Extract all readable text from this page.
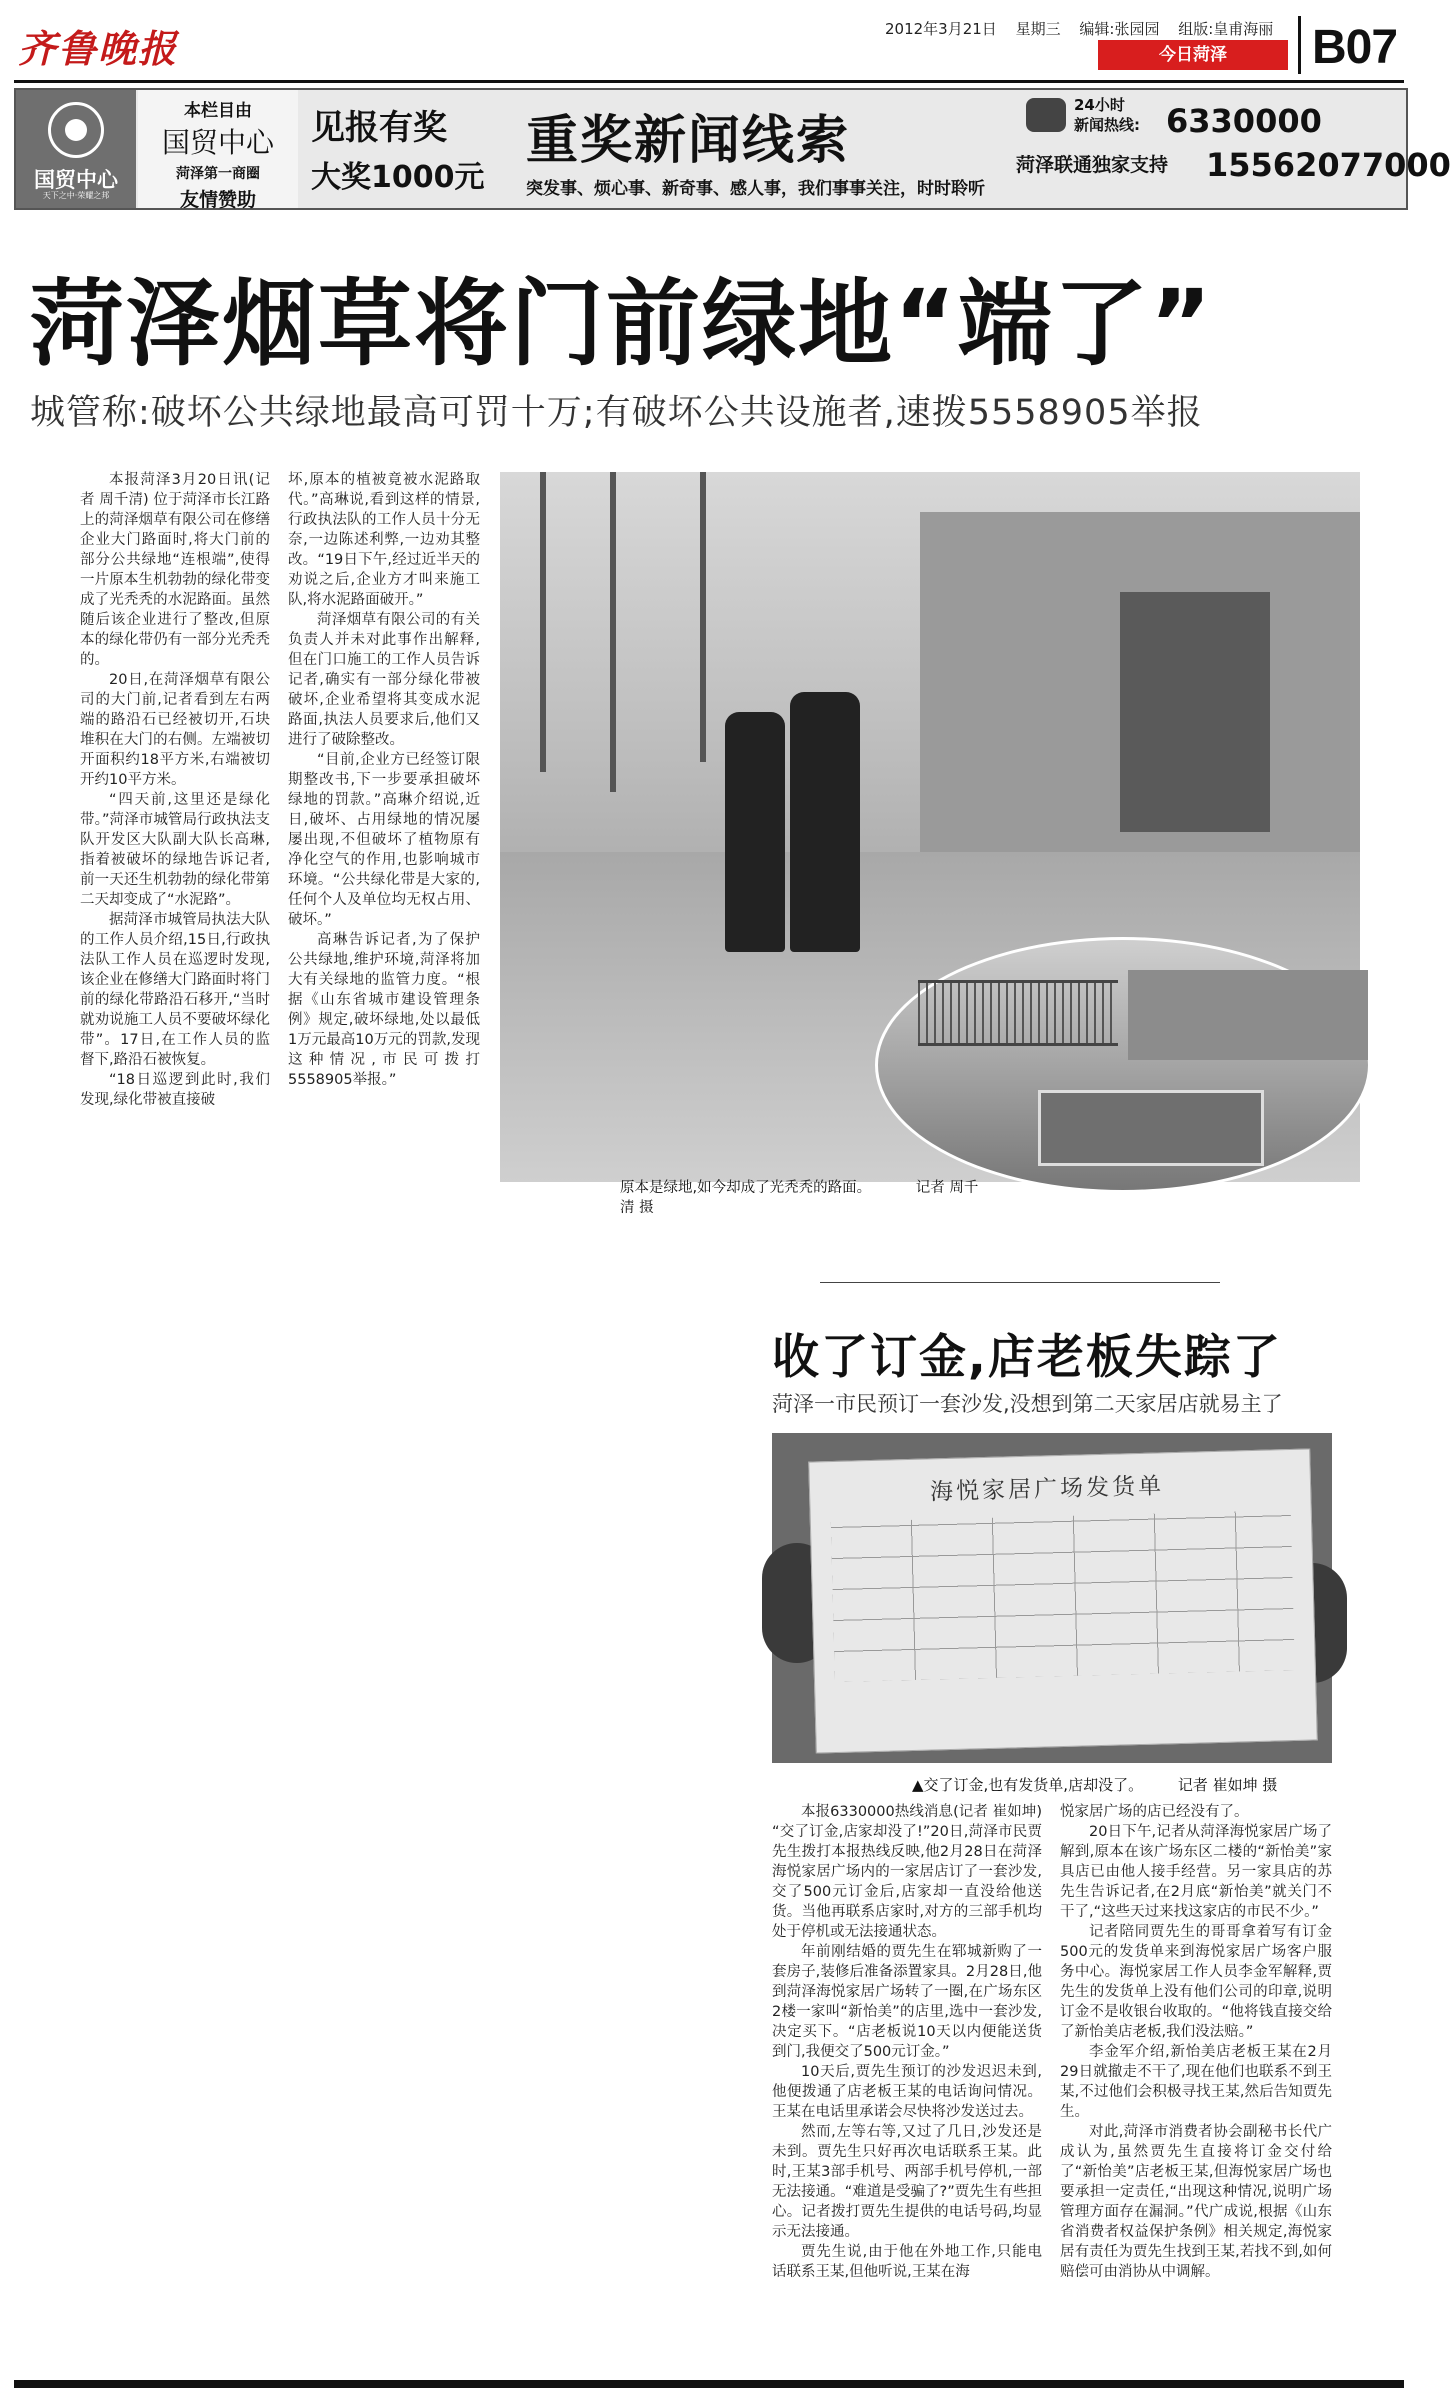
齐鲁晚报	2012年3月21日 星期三 编辑:张园园 组版:皇甫海丽
今日菏泽	B07
国贸中心
天下之中·荣耀之邦
本栏目由
国贸中心
菏泽第一商圈
友情赞助
见报有奖
大奖1000元
重奖新闻线索
突发事、烦心事、新奇事、感人事，我们事事关注，时时聆听
24小时
新闻热线: 6330000
菏泽联通独家支持 15562077000
菏泽烟草将门前绿地“端了”
城管称:破坏公共绿地最高可罚十万;有破坏公共设施者,速拨5558905举报

本报菏泽3月20日讯(记者 周千清) 位于菏泽市长江路上的菏泽烟草有限公司在修缮企业大门路面时,将大门前的部分公共绿地“连根端”,使得一片原本生机勃勃的绿化带变成了光秃秃的水泥路面。虽然随后该企业进行了整改,但原本的绿化带仍有一部分光秃秃的。

20日,在菏泽烟草有限公司的大门前,记者看到左右两端的路沿石已经被切开,石块堆积在大门的右侧。左端被切开面积约18平方米,右端被切开约10平方米。

“四天前,这里还是绿化带。”菏泽市城管局行政执法支队开发区大队副大队长高琳,指着被破坏的绿地告诉记者,前一天还生机勃勃的绿化带第二天却变成了“水泥路”。

据菏泽市城管局执法大队的工作人员介绍,15日,行政执法队工作人员在巡逻时发现,该企业在修缮大门路面时将门前的绿化带路沿石移开,“当时就劝说施工人员不要破坏绿化带”。17日,在工作人员的监督下,路沿石被恢复。

“18日巡逻到此时,我们发现,绿化带被直接破

坏,原本的植被竟被水泥路取代。”高琳说,看到这样的情景,行政执法队的工作人员十分无奈,一边陈述利弊,一边劝其整改。“19日下午,经过近半天的劝说之后,企业方才叫来施工队,将水泥路面破开。”

菏泽烟草有限公司的有关负责人并未对此事作出解释,但在门口施工的工作人员告诉记者,确实有一部分绿化带被破坏,企业希望将其变成水泥路面,执法人员要求后,他们又进行了破除整改。

“目前,企业方已经签订限期整改书,下一步要承担破坏绿地的罚款。”高琳介绍说,近日,破坏、占用绿地的情况屡屡出现,不但破坏了植物原有净化空气的作用,也影响城市环境。“公共绿化带是大家的,任何个人及单位均无权占用、破坏。”

高琳告诉记者,为了保护公共绿地,维护环境,菏泽将加大有关绿地的监管力度。“根据《山东省城市建设管理条例》规定,破坏绿地,处以最低1万元最高10万元的罚款,发现这种情况,市民可拨打5558905举报。”

原本是绿地,如今却成了光秃秃的路面。	记者 周千清 摄
收了订金,店老板失踪了
菏泽一市民预订一套沙发,没想到第二天家居店就易主了
海悦家居广场发货单
▲交了订金,也有发货单,店却没了。 记者 崔如坤 摄

本报6330000热线消息(记者 崔如坤) “交了订金,店家却没了!”20日,菏泽市民贾先生拨打本报热线反映,他2月28日在菏泽海悦家居广场内的一家居店订了一套沙发,交了500元订金后,店家却一直没给他送货。当他再联系店家时,对方的三部手机均处于停机或无法接通状态。

年前刚结婚的贾先生在郓城新购了一套房子,装修后准备添置家具。2月28日,他到菏泽海悦家居广场转了一圈,在广场东区2楼一家叫“新怡美”的店里,选中一套沙发,决定买下。“店老板说10天以内便能送货到门,我便交了500元订金。”

10天后,贾先生预订的沙发迟迟未到,他便拨通了店老板王某的电话询问情况。王某在电话里承诺会尽快将沙发送过去。

然而,左等右等,又过了几日,沙发还是未到。贾先生只好再次电话联系王某。此时,王某3部手机号、两部手机号停机,一部无法接通。“难道是受骗了?”贾先生有些担心。记者拨打贾先生提供的电话号码,均显示无法接通。

贾先生说,由于他在外地工作,只能电话联系王某,但他听说,王某在海

悦家居广场的店已经没有了。

20日下午,记者从菏泽海悦家居广场了解到,原本在该广场东区二楼的“新怡美”家具店已由他人接手经营。另一家具店的苏先生告诉记者,在2月底“新怡美”就关门不干了,“这些天过来找这家店的市民不少。”

记者陪同贾先生的哥哥拿着写有订金500元的发货单来到海悦家居广场客户服务中心。海悦家居工作人员李金军解释,贾先生的发货单上没有他们公司的印章,说明订金不是收银台收取的。“他将钱直接交给了新怡美店老板,我们没法赔。”

李金军介绍,新怡美店老板王某在2月29日就撤走不干了,现在他们也联系不到王某,不过他们会积极寻找王某,然后告知贾先生。

对此,菏泽市消费者协会副秘书长代广成认为,虽然贾先生直接将订金交付给了“新怡美”店老板王某,但海悦家居广场也要承担一定责任,“出现这种情况,说明广场管理方面存在漏洞。”代广成说,根据《山东省消费者权益保护条例》相关规定,海悦家居有责任为贾先生找到王某,若找不到,如何赔偿可由消协从中调解。
